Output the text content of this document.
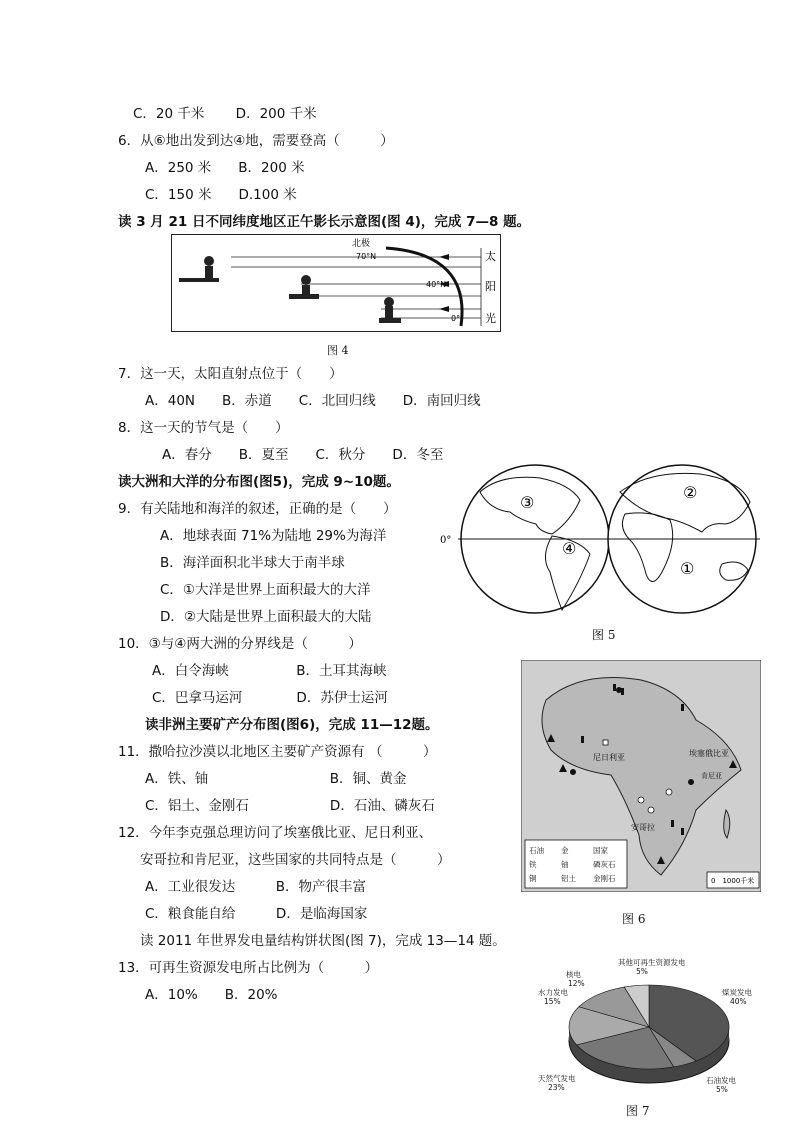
C．20 千米　　 D．200 千米
6．从⑥地出发到达④地，需要登高（　　　）
A．250 米　　B．200 米
C．150 米　　D.100 米
读 3 月 21 日不同纬度地区正午影长示意图(图 4)，完成 7—8 题。
北极
70°N
40°N
0°
太
阳
光
图 4
7．这一天，太阳直射点位于（　　）
A．40N　　B．赤道　　C．北回归线　　D．南回归线
8．这一天的节气是（　　）
A．春分　　B．夏至　　C．秋分　　D．冬至
读大洲和大洋的分布图(图5)，完成 9~10题。
9．有关陆地和海洋的叙述，正确的是（　　）
A．地球表面 71%为陆地 29%为海洋
B．海洋面积北半球大于南半球
C．①大洋是世界上面积最大的大洋
D．②大陆是世界上面积最大的大陆
0°
①
②
③
④
图 5
10．③与④两大洲的分界线是（　　　）
A．白令海峡　　　　　B．土耳其海峡
C．巴拿马运河　　　　D．苏伊士运河
读非洲主要矿产分布图(图6)，完成 11—12题。
尼日利亚	埃塞俄比亚
安哥拉
肯尼亚
石油 金	国家
铁	铀	磷灰石
铜	铝土 金刚石	0　1000千米
图 6
11．撒哈拉沙漠以北地区主要矿产资源有 （　　　）
A．铁、铀　　　　　　　　　B．铜、黄金
C．铝土、金刚石　　　　　　D．石油、磷灰石
12．今年李克强总理访问了埃塞俄比亚、尼日利亚、
安哥拉和肯尼亚，这些国家的共同特点是（　　　）
A．工业很发达　　　B．物产很丰富
C．粮食能自给　　　D．是临海国家
读 2011 年世界发电量结构饼状图(图 7)，完成 13—14 题。
13．可再生资源发电所占比例为（　　　）
A．10%　　B．20%
其他可再生资源发电
5%
核电
12%
水力发电
15%
煤炭发电
40%
天然气发电
23%
石油发电
5%
图 7
